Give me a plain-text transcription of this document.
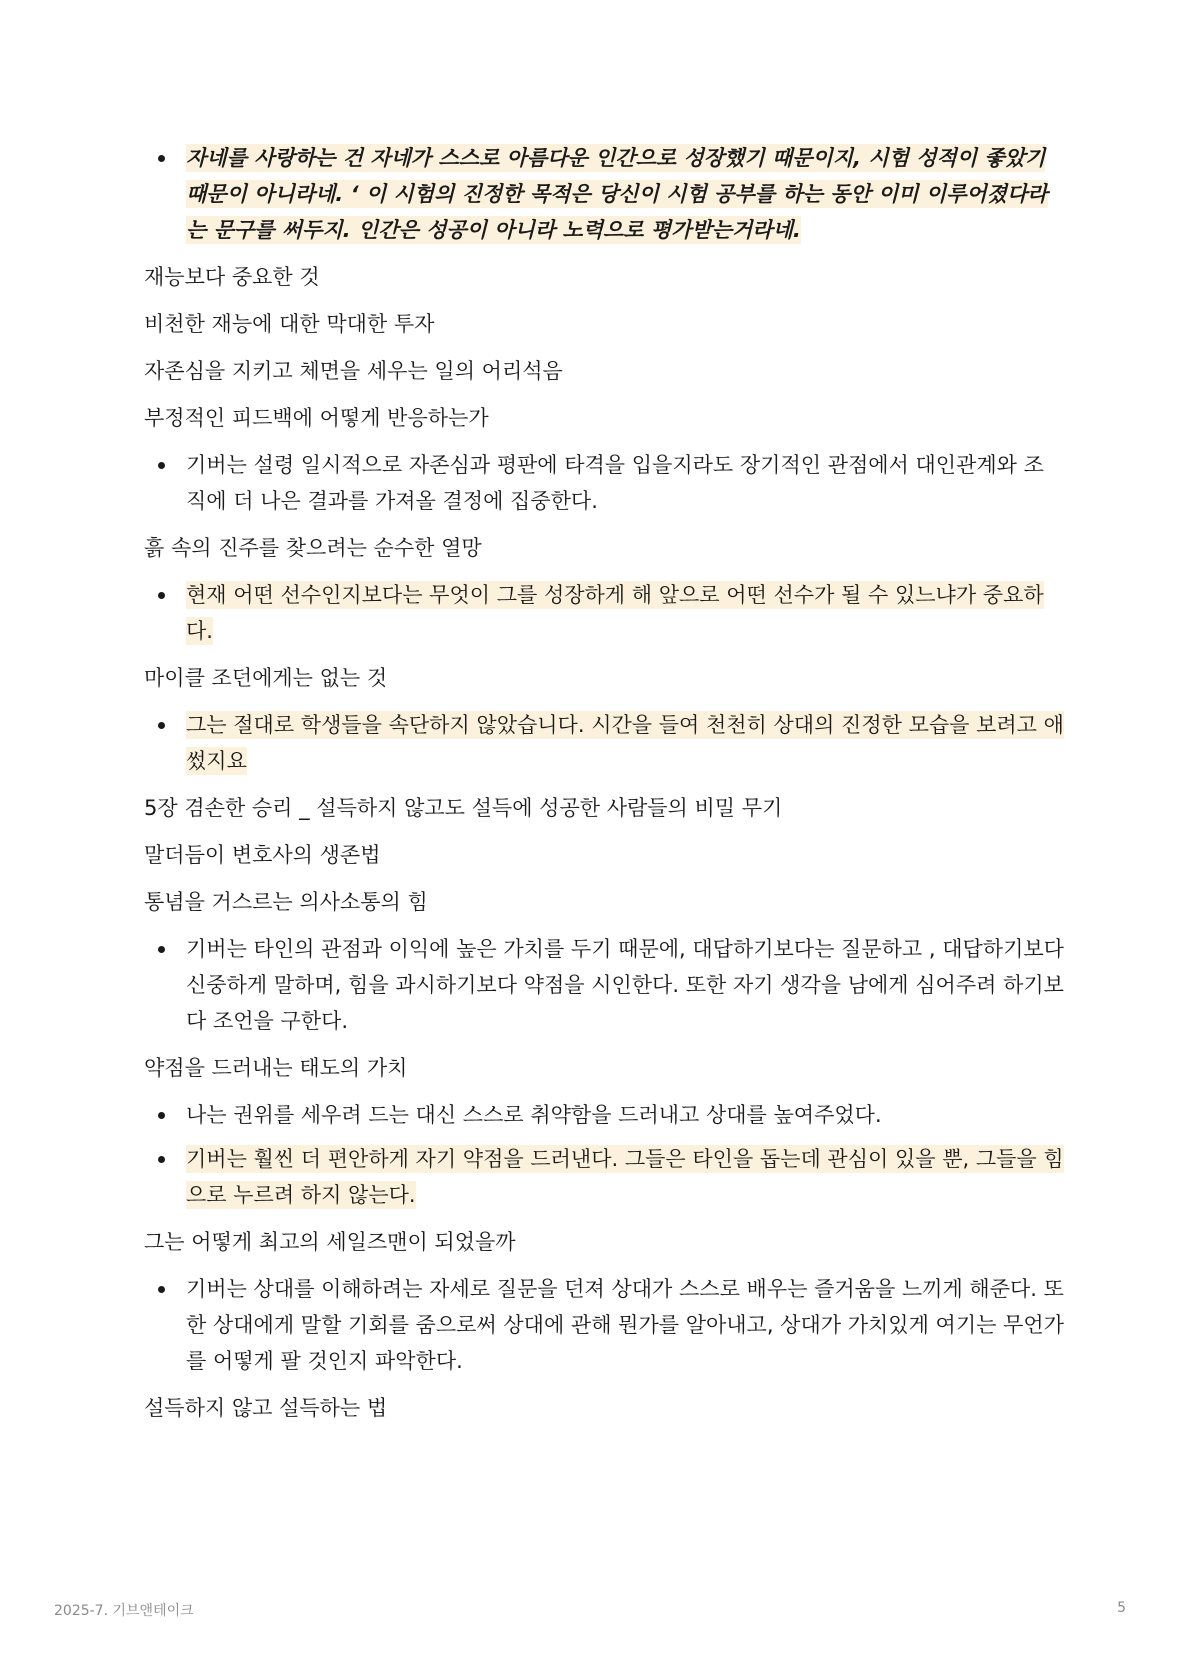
자네를 사랑하는 건 자네가 스스로 아름다운 인간으로 성장했기 때문이지, 시험 성적이 좋았기 때문이 아니라네. ‘ 이 시험의 진정한 목적은 당신이 시험 공부를 하는 동안 이미 이루어졌다라는 문구를 써두지. 인간은 성공이 아니라 노력으로 평가받는거라네.

재능보다 중요한 것

비천한 재능에 대한 막대한 투자

자존심을 지키고 체면을 세우는 일의 어리석음

부정적인 피드백에 어떻게 반응하는가

기버는 설령 일시적으로 자존심과 평판에 타격을 입을지라도 장기적인 관점에서 대인관계와 조직에 더 나은 결과를 가져올 결정에 집중한다.

흙 속의 진주를 찾으려는 순수한 열망

현재 어떤 선수인지보다는 무엇이 그를 성장하게 해 앞으로 어떤 선수가 될 수 있느냐가 중요하다.

마이클 조던에게는 없는 것

그는 절대로 학생들을 속단하지 않았습니다. 시간을 들여 천천히 상대의 진정한 모습을 보려고 애썼지요

5장 겸손한 승리 _ 설득하지 않고도 설득에 성공한 사람들의 비밀 무기

말더듬이 변호사의 생존법

통념을 거스르는 의사소통의 힘

기버는 타인의 관점과 이익에 높은 가치를 두기 때문에, 대답하기보다는 질문하고 , 대답하기보다 신중하게 말하며, 힘을 과시하기보다 약점을 시인한다. 또한 자기 생각을 남에게 심어주려 하기보다 조언을 구한다.

약점을 드러내는 태도의 가치

나는 권위를 세우려 드는 대신 스스로 취약함을 드러내고 상대를 높여주었다.
기버는 훨씬 더 편안하게 자기 약점을 드러낸다. 그들은 타인을 돕는데 관심이 있을 뿐, 그들을 힘으로 누르려 하지 않는다.

그는 어떻게 최고의 세일즈맨이 되었을까

기버는 상대를 이해하려는 자세로 질문을 던져 상대가 스스로 배우는 즐거움을 느끼게 해준다. 또한 상대에게 말할 기회를 줌으로써 상대에 관해 뭔가를 알아내고, 상대가 가치있게 여기는 무언가를 어떻게 팔 것인지 파악한다.

설득하지 않고 설득하는 법

2025-7. 기브앤테이크	5
